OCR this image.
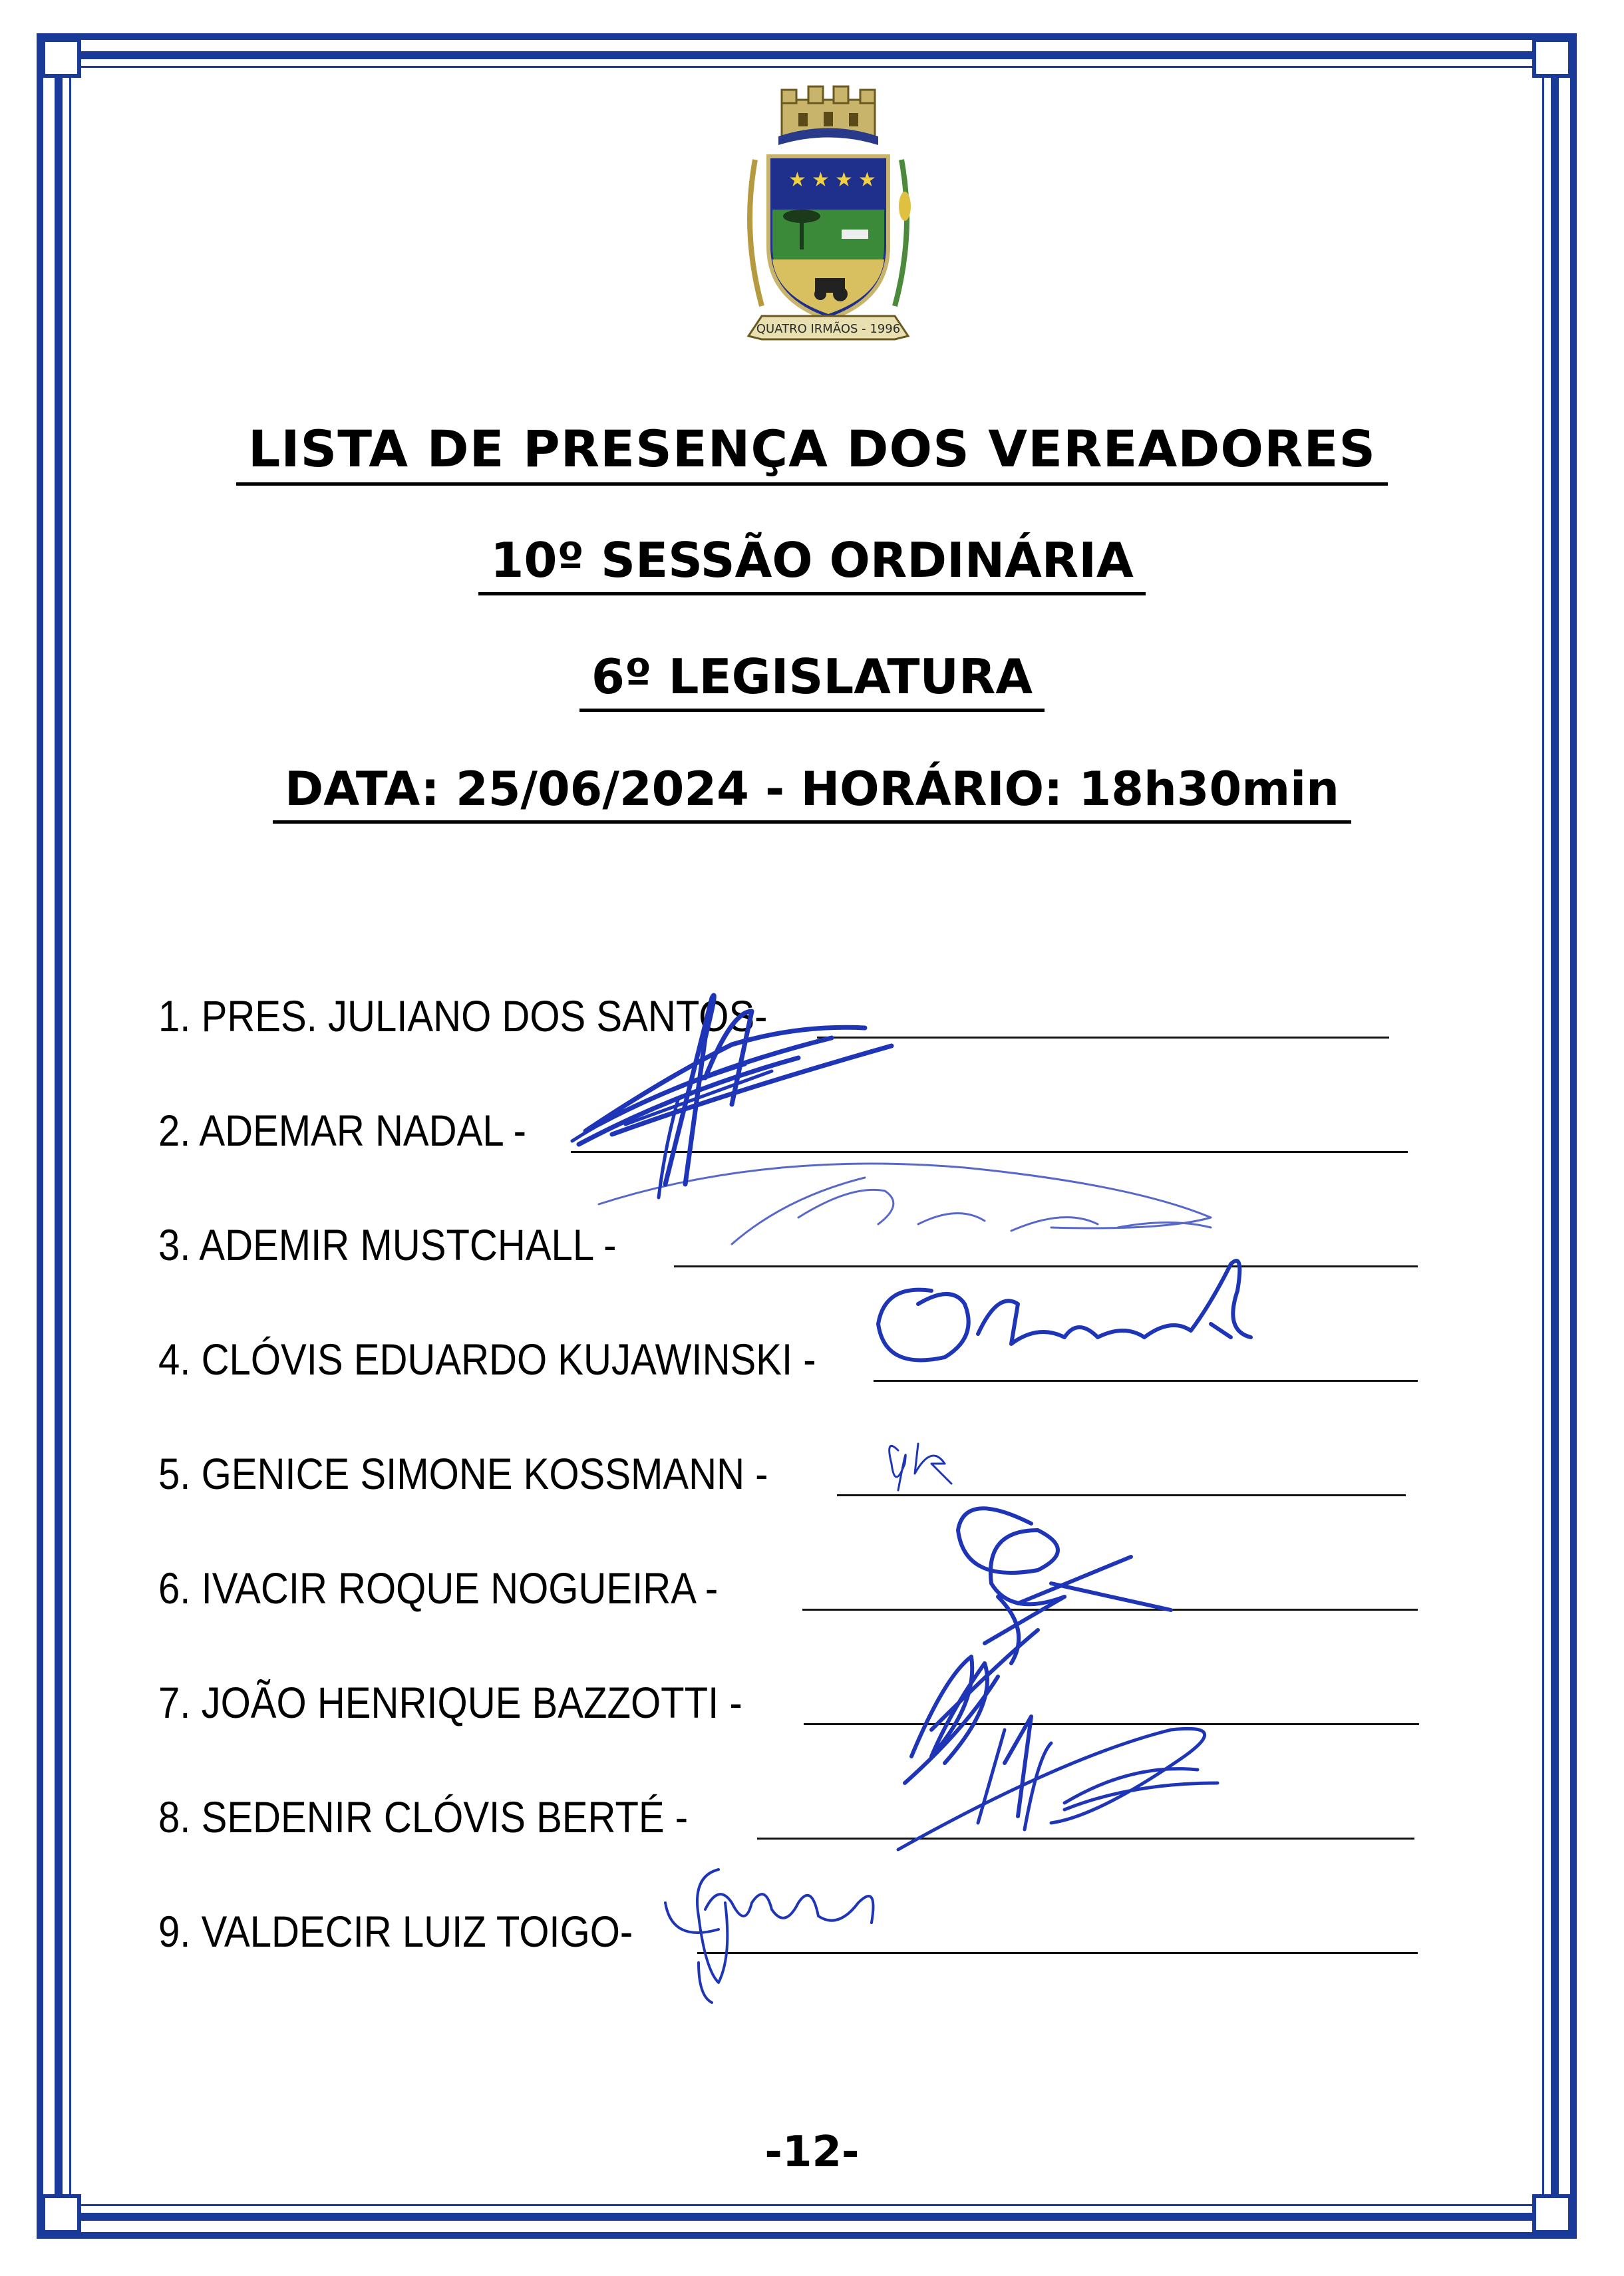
★ ★ ★ ★
QUATRO IRMÃOS - 1996
LISTA DE PRESENÇA DOS VEREADORES
10º SESSÃO ORDINÁRIA
6º LEGISLATURA
DATA: 25/06/2024 - HORÁRIO: 18h30min
1. PRES. JULIANO DOS SANTOS-
2. ADEMAR NADAL -
3. ADEMIR MUSTCHALL -
4. CLÓVIS EDUARDO KUJAWINSKI -
5. GENICE SIMONE KOSSMANN -
6. IVACIR ROQUE NOGUEIRA -
7. JOÃO HENRIQUE BAZZOTTI -
8. SEDENIR CLÓVIS BERTÉ -
9. VALDECIR LUIZ TOIGO-
-12-
